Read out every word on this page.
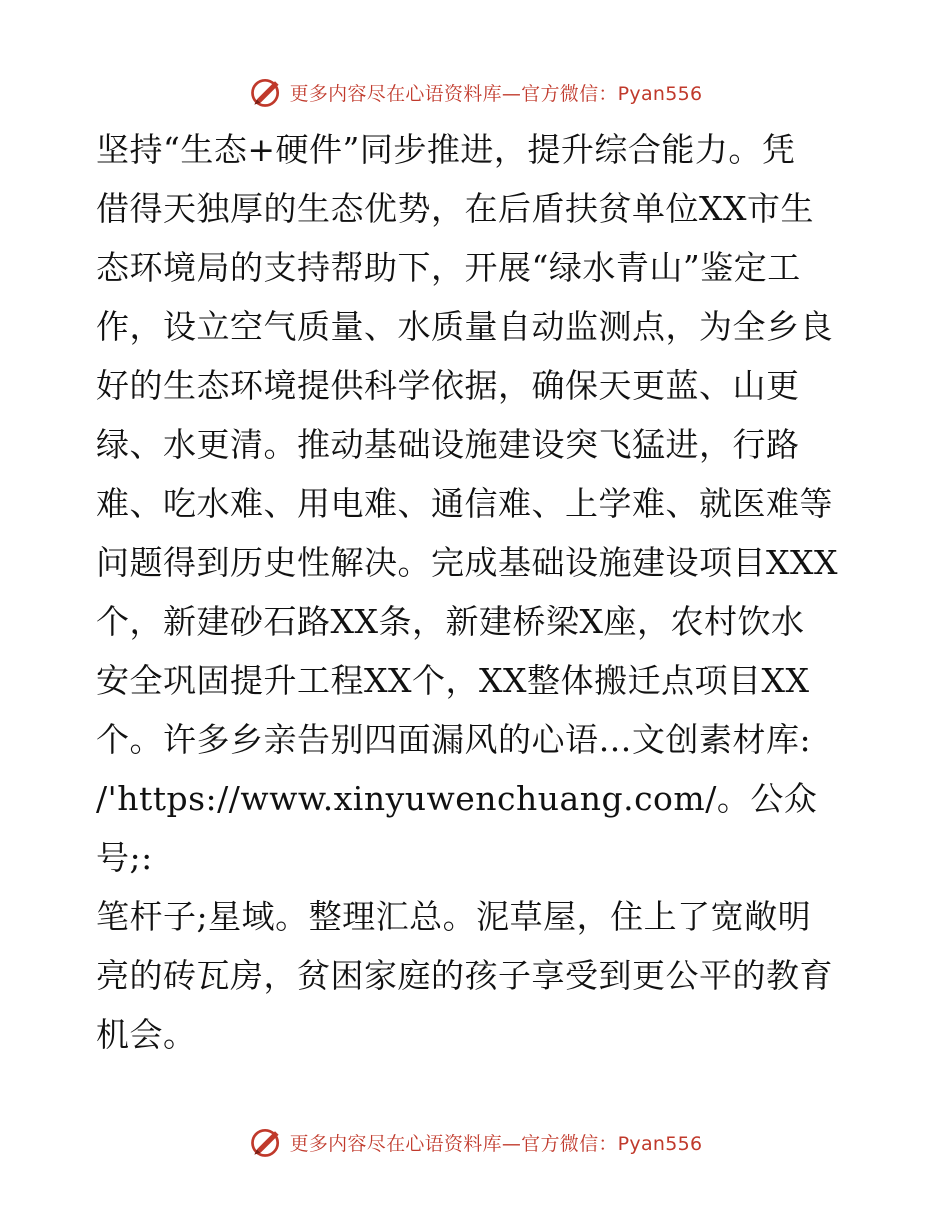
更多内容尽在心语资料库—官方微信：Pyan556

坚持“生态+硬件”同步推进，提升综合能力。凭
借得天独厚的生态优势，在后盾扶贫单位XX市生
态环境局的支持帮助下，开展“绿水青山”鉴定工
作，设立空气质量、水质量自动监测点，为全乡良
好的生态环境提供科学依据，确保天更蓝、山更
绿、水更清。推动基础设施建设突飞猛进，行路
难、吃水难、用电难、通信难、上学难、就医难等
问题得到历史性解决。完成基础设施建设项目XXX
个，新建砂石路XX条，新建桥梁X座，农村饮水
安全巩固提升工程XX个，XX整体搬迁点项目XX
个。许多乡亲告别四面漏风的心语…文创素材库:
/'https://www.xinyuwenchuang.com/。公众号;:
笔杆子;星域。整理汇总。泥草屋，住上了宽敞明
亮的砖瓦房，贫困家庭的孩子享受到更公平的教育
机会。

更多内容尽在心语资料库—官方微信：Pyan556
